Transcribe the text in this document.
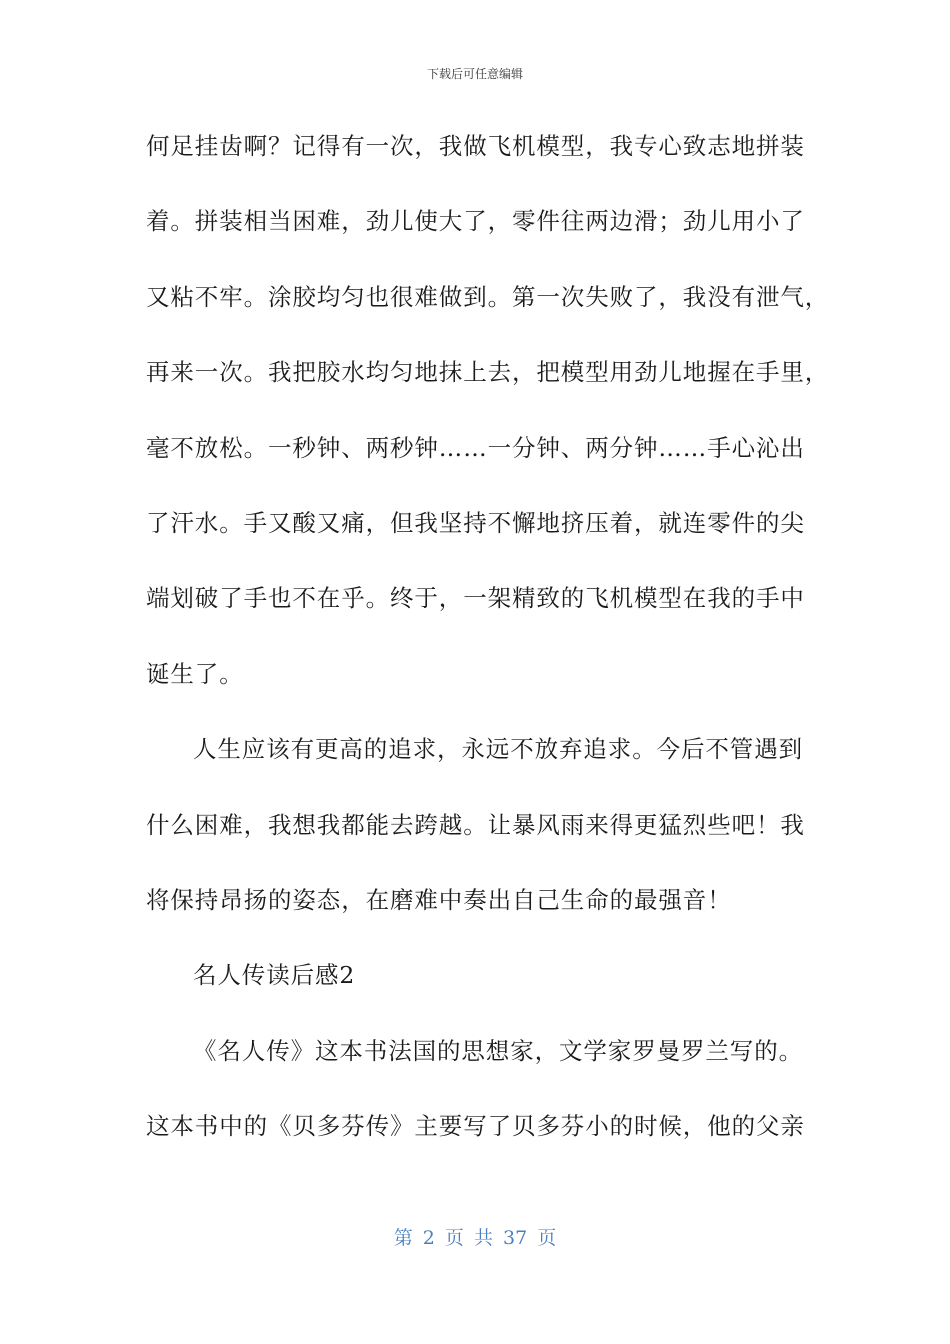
下载后可任意编辑
何足挂齿啊？记得有一次，我做飞机模型，我专心致志地拼装
着。拼装相当困难，劲儿使大了，零件往两边滑；劲儿用小了
又粘不牢。涂胶均匀也很难做到。第一次失败了，我没有泄气，
再来一次。我把胶水均匀地抹上去，把模型用劲儿地握在手里，
毫不放松。一秒钟、两秒钟……一分钟、两分钟……手心沁出
了汗水。手又酸又痛，但我坚持不懈地挤压着，就连零件的尖
端划破了手也不在乎。终于，一架精致的飞机模型在我的手中
诞生了。
人生应该有更高的追求，永远不放弃追求。今后不管遇到
什么困难，我想我都能去跨越。让暴风雨来得更猛烈些吧！我
将保持昂扬的姿态，在磨难中奏出自己生命的最强音！
名人传读后感2
《名人传》这本书法国的思想家，文学家罗曼罗兰写的。
这本书中的《贝多芬传》主要写了贝多芬小的时候，他的父亲
第 2 页 共 37 页
